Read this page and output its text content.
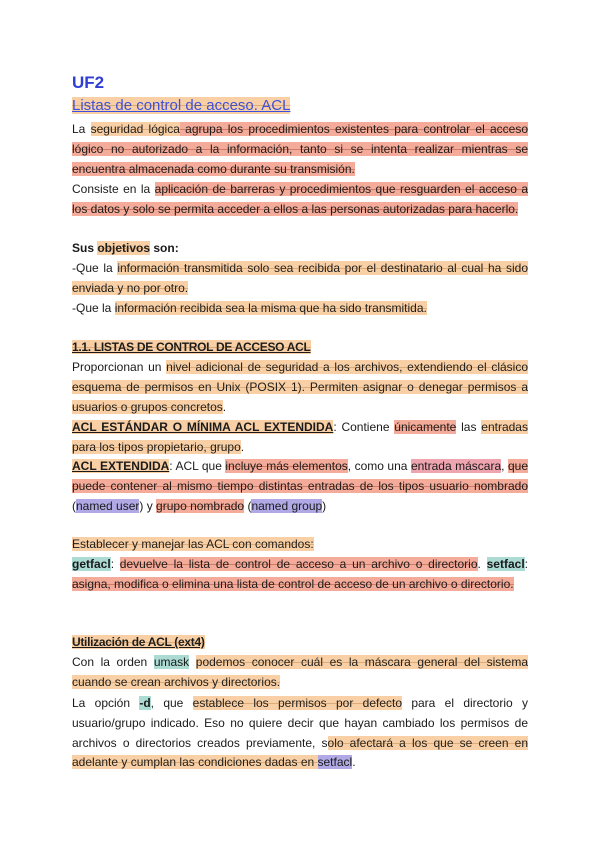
UF2
Listas de control de acceso. ACL
La seguridad lógica agrupa los procedimientos existentes para controlar el acceso lógico no autorizado a la información, tanto si se intenta realizar mientras se encuentra almacenada como durante su transmisión.
Consiste en la aplicación de barreras y procedimientos que resguarden el acceso a los datos y solo se permita acceder a ellos a las personas autorizadas para hacerlo.
Sus objetivos son:
-Que la información transmitida solo sea recibida por el destinatario al cual ha sido enviada y no por otro.
-Que la información recibida sea la misma que ha sido transmitida.
1.1. LISTAS DE CONTROL DE ACCESO ACL
Proporcionan un nivel adicional de seguridad a los archivos, extendiendo el clásico esquema de permisos en Unix (POSIX 1). Permiten asignar o denegar permisos a usuarios o grupos concretos.
ACL ESTÁNDAR O MÍNIMA ACL EXTENDIDA: Contiene únicamente las entradas para los tipos propietario, grupo.
ACL EXTENDIDA: ACL que incluye más elementos, como una entrada máscara, que puede contener al mismo tiempo distintas entradas de los tipos usuario nombrado (named user) y grupo nombrado (named group)
Establecer y manejar las ACL con comandos:
getfacl: devuelve la lista de control de acceso a un archivo o directorio. setfacl: asigna, modifica o elimina una lista de control de acceso de un archivo o directorio.
Utilización de ACL (ext4)
Con la orden umask podemos conocer cuál es la máscara general del sistema cuando se crean archivos y directorios.
La opción -d, que establece los permisos por defecto para el directorio y usuario/grupo indicado. Eso no quiere decir que hayan cambiado los permisos de archivos o directorios creados previamente, solo afectará a los que se creen en adelante y cumplan las condiciones dadas en setfacl.
